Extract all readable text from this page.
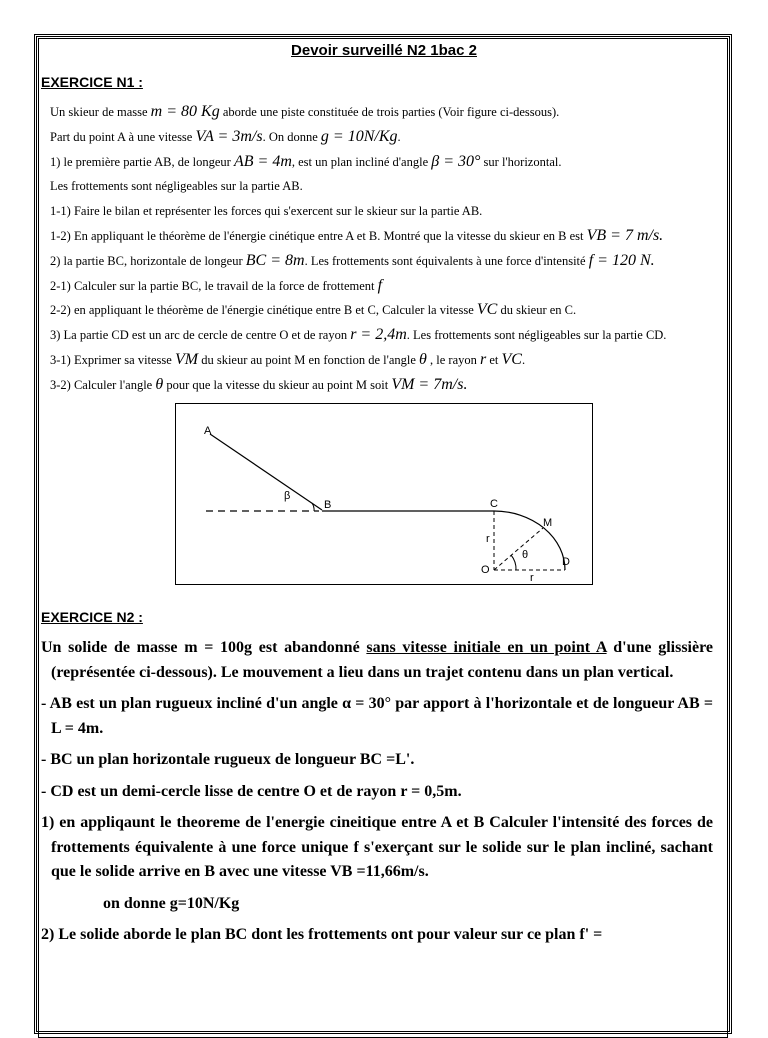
Devoir surveillé N2 1bac 2
EXERCICE N1 :
Un skieur de masse m = 80 Kg aborde une piste constituée de trois parties (Voir figure ci-dessous).
Part du point A à une vitesse VA = 3m/s. On donne g = 10N/Kg.
1) le première partie AB, de longeur AB = 4m, est un plan incliné d'angle β = 30° sur l'horizontal.
Les frottements sont négligeables sur la partie AB.
1-1) Faire le bilan et représenter les forces qui s'exercent sur le skieur sur la partie AB.
1-2) En appliquant le théorème de l'énergie cinétique entre A et B. Montré que la vitesse du skieur en B est VB = 7 m/s.
2) la partie BC, horizontale de longeur BC = 8m. Les frottements sont équivalents à une force d'intensité f = 120 N.
2-1) Calculer sur la partie BC, le travail de la force de frottement f⃗
2-2) en appliquant le théorème de l'énergie cinétique entre B et C, Calculer la vitesse VC du skieur en C.
3) La partie CD est un arc de cercle de centre O et de rayon r = 2,4m. Les frottements sont négligeables sur la partie CD.
3-1) Exprimer sa vitesse VM du skieur au point M en fonction de l'angle θ , le rayon r et VC.
3-2) Calculer l'angle θ pour que la vitesse du skieur au point M soit VM = 7m/s.
A
β
B	C
M
D
O
r
r
θ
EXERCICE N2 :

Un solide de masse m = 100g est abandonné sans vitesse initiale en un point A d'une glissière (représentée ci-dessous). Le mouvement a lieu dans un trajet contenu dans un plan vertical.

- AB est un plan rugueux incliné d'un angle α = 30° par apport à l'horizontale et de longueur AB = L = 4m.

- BC un plan horizontale rugueux de longueur BC =L'.

- CD est un demi-cercle lisse de centre O et de rayon r = 0,5m.

1) en appliqaunt le theoreme de l'energie cineitique entre A et B Calculer l'intensité des forces de frottements équivalente à une force unique f s'exerçant sur le solide sur le plan incliné, sachant que le solide arrive en B avec une vitesse VB =11,66m/s.

on donne g=10N/Kg

2) Le solide aborde le plan BC dont les frottements ont pour valeur sur ce plan f' =
